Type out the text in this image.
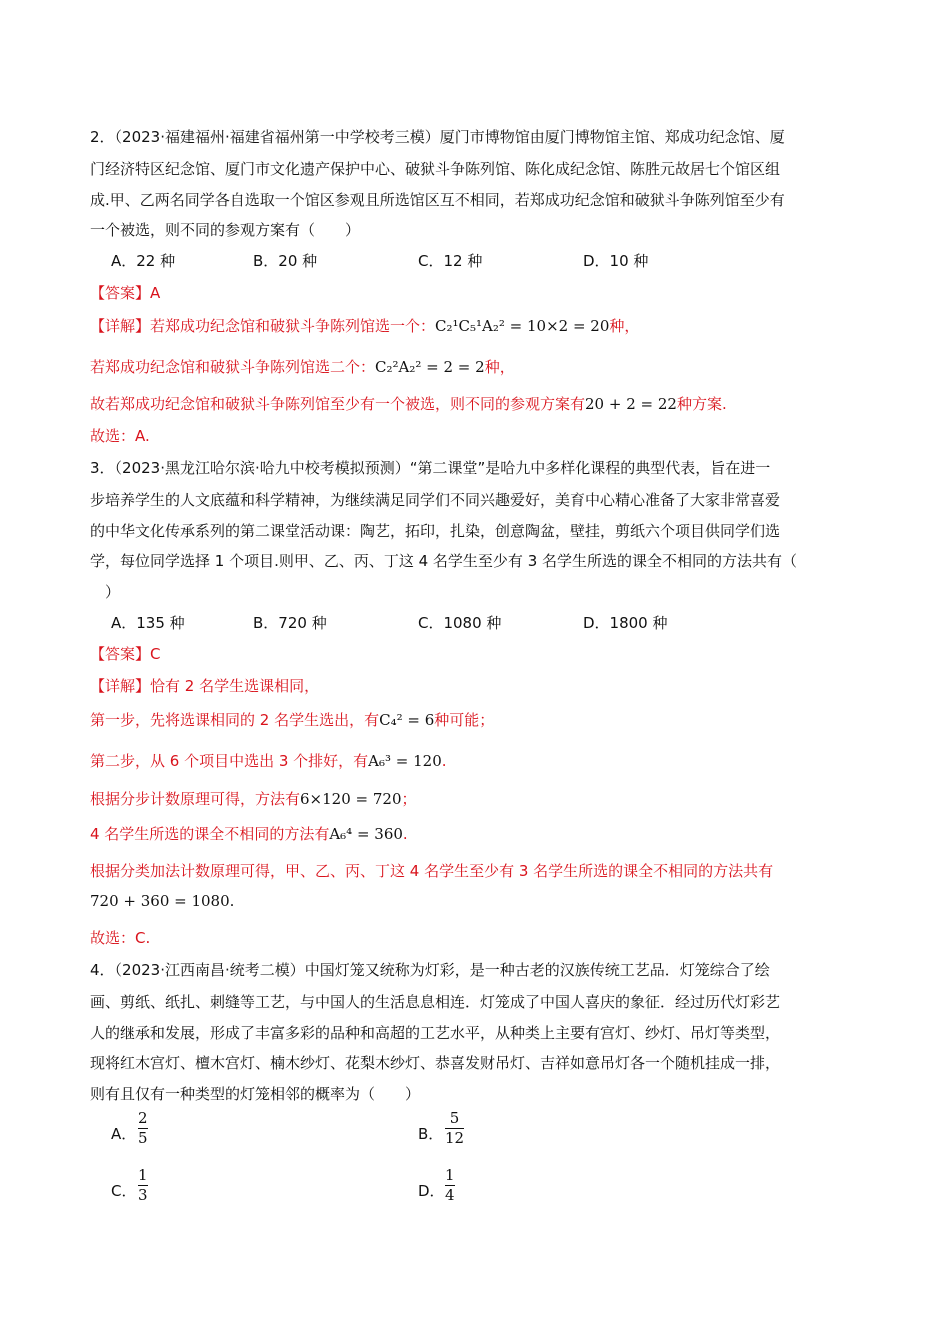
2．（2023·福建福州·福建省福州第一中学校考三模）厦门市博物馆由厦门博物馆主馆、郑成功纪念馆、厦
门经济特区纪念馆、厦门市文化遗产保护中心、破狱斗争陈列馆、陈化成纪念馆、陈胜元故居七个馆区组
成.甲、乙两名同学各自选取一个馆区参观且所选馆区互不相同，若郑成功纪念馆和破狱斗争陈列馆至少有
一个被选，则不同的参观方案有（　　）
A．22 种	B．20 种	C．12 种	D．10 种
【答案】A
【详解】若郑成功纪念馆和破狱斗争陈列馆选一个：C₂¹C₅¹A₂² = 10×2 = 20种，
若郑成功纪念馆和破狱斗争陈列馆选二个：C₂²A₂² = 2 = 2种，
故若郑成功纪念馆和破狱斗争陈列馆至少有一个被选，则不同的参观方案有20 + 2 = 22种方案.
故选：A.
3．（2023·黑龙江哈尔滨·哈九中校考模拟预测）“第二课堂”是哈九中多样化课程的典型代表，旨在进一
步培养学生的人文底蕴和科学精神，为继续满足同学们不同兴趣爱好，美育中心精心准备了大家非常喜爱
的中华文化传承系列的第二课堂活动课：陶艺，拓印，扎染，创意陶盆，壁挂，剪纸六个项目供同学们选
学，每位同学选择 1 个项目.则甲、乙、丙、丁这 4 名学生至少有 3 名学生所选的课全不相同的方法共有（
　）
A．135 种	B．720 种	C．1080 种	D．1800 种
【答案】C
【详解】恰有 2 名学生选课相同，
第一步，先将选课相同的 2 名学生选出，有C₄² = 6种可能；
第二步，从 6 个项目中选出 3 个排好，有A₆³ = 120.
根据分步计数原理可得，方法有6×120 = 720；
4 名学生所选的课全不相同的方法有A₆⁴ = 360.
根据分类加法计数原理可得，甲、乙、丙、丁这 4 名学生至少有 3 名学生所选的课全不相同的方法共有
720 + 360 = 1080.
故选：C.
4．（2023·江西南昌·统考二模）中国灯笼又统称为灯彩，是一种古老的汉族传统工艺品．灯笼综合了绘
画、剪纸、纸扎、刺缝等工艺，与中国人的生活息息相连．灯笼成了中国人喜庆的象征．经过历代灯彩艺
人的继承和发展，形成了丰富多彩的品种和高超的工艺水平，从种类上主要有宫灯、纱灯、吊灯等类型，
现将红木宫灯、檀木宫灯、楠木纱灯、花梨木纱灯、恭喜发财吊灯、吉祥如意吊灯各一个随机挂成一排，
则有且仅有一种类型的灯笼相邻的概率为（　　）
A．
2
5	B．
5
12
C．
1
3	D．
1
4
